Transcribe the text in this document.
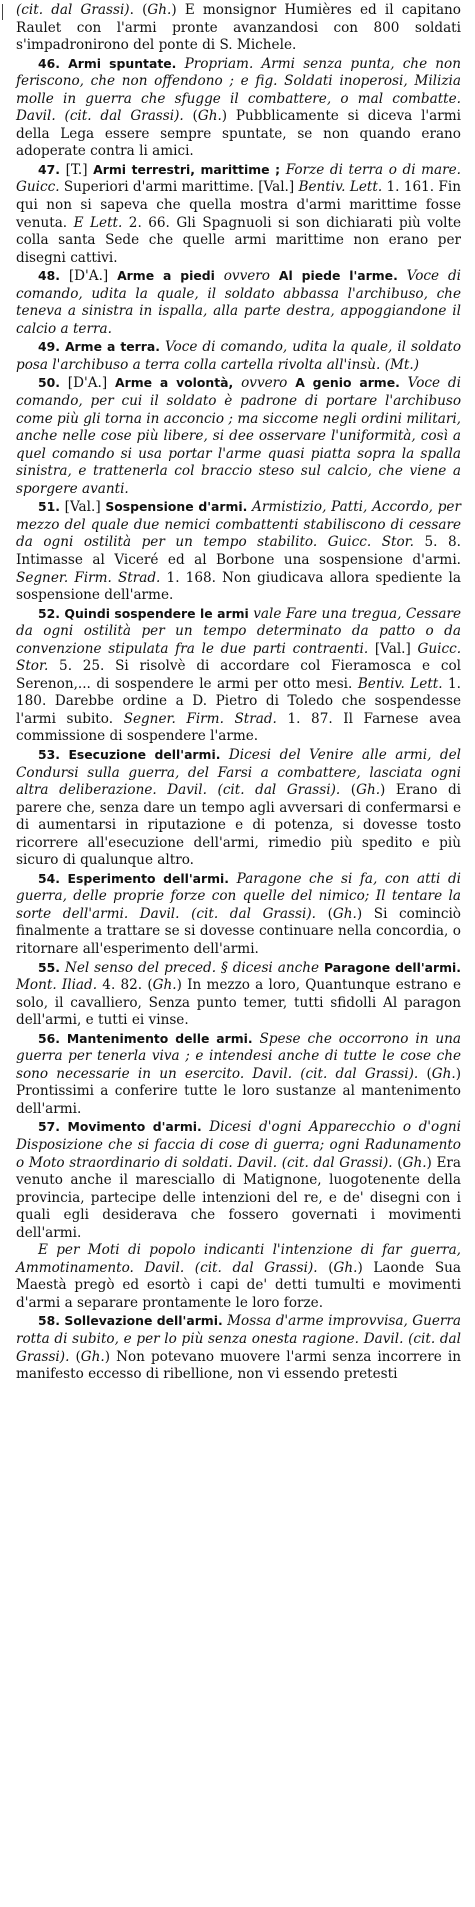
(cit. dal Grassi). (Gh.) E monsignor Humières ed il capitano Raulet con l'armi pronte avanzandosi con 800 soldati s'impadronirono del ponte di S. Michele.

46. Armi spuntate. Propriam. Armi senza punta, che non feriscono, che non offendono ; e fig. Soldati inoperosi, Milizia molle in guerra che sfugge il combattere, o mal combatte. Davil. (cit. dal Grassi). (Gh.) Pubblicamente si diceva l'armi della Lega essere sempre spuntate, se non quando erano adoperate contra li amici.

47. [T.] Armi terrestri, marittime ; Forze di terra o di mare. Guicc. Superiori d'armi marittime. [Val.] Bentiv. Lett. 1. 161. Fin qui non si sapeva che quella mostra d'armi marittime fosse venuta. E Lett. 2. 66. Gli Spagnuoli si son dichiarati più volte colla santa Sede che quelle armi marittime non erano per disegni cattivi.

48. [D'A.] Arme a piedi ovvero Al piede l'arme. Voce di comando, udita la quale, il soldato abbassa l'archibuso, che teneva a sinistra in ispalla, alla parte destra, appoggiandone il calcio a terra.

49. Arme a terra. Voce di comando, udita la quale, il soldato posa l'archibuso a terra colla cartella rivolta all'insù. (Mt.)

50. [D'A.] Arme a volontà, ovvero A genio arme. Voce di comando, per cui il soldato è padrone di portare l'archibuso come più gli torna in acconcio ; ma siccome negli ordini militari, anche nelle cose più libere, si dee osservare l'uniformità, così a quel comando si usa portar l'arme quasi piatta sopra la spalla sinistra, e trattenerla col braccio steso sul calcio, che viene a sporgere avanti.

51. [Val.] Sospensione d'armi. Armistizio, Patti, Accordo, per mezzo del quale due nemici combattenti stabiliscono di cessare da ogni ostilità per un tempo stabilito. Guicc. Stor. 5. 8. Intimasse al Viceré ed al Borbone una sospensione d'armi. Segner. Firm. Strad. 1. 168. Non giudicava allora spediente la sospensione dell'arme.

52. Quindi sospendere le armi vale Fare una tregua, Cessare da ogni ostilità per un tempo determinato da patto o da convenzione stipulata fra le due parti contraenti. [Val.] Guicc. Stor. 5. 25. Si risolvè di accordare col Fieramosca e col Serenon,... di sospendere le armi per otto mesi. Bentiv. Lett. 1. 180. Darebbe ordine a D. Pietro di Toledo che sospendesse l'armi subito. Segner. Firm. Strad. 1. 87. Il Farnese avea commissione di sospendere l'arme.

53. Esecuzione dell'armi. Dicesi del Venire alle armi, del Condursi sulla guerra, del Farsi a combattere, lasciata ogni altra deliberazione. Davil. (cit. dal Grassi). (Gh.) Erano di parere che, senza dare un tempo agli avversari di confermarsi e di aumentarsi in riputazione e di potenza, si dovesse tosto ricorrere all'esecuzione dell'armi, rimedio più spedito e più sicuro di qualunque altro.

54. Esperimento dell'armi. Paragone che si fa, con atti di guerra, delle proprie forze con quelle del nimico; Il tentare la sorte dell'armi. Davil. (cit. dal Grassi). (Gh.) Si cominciò finalmente a trattare se si dovesse continuare nella concordia, o ritornare all'esperimento dell'armi.

55. Nel senso del preced. § dicesi anche Paragone dell'armi. Mont. Iliad. 4. 82. (Gh.) In mezzo a loro, Quantunque estrano e solo, il cavalliero, Senza punto temer, tutti sfidolli Al paragon dell'armi, e tutti ei vinse.

56. Mantenimento delle armi. Spese che occorrono in una guerra per tenerla viva ; e intendesi anche di tutte le cose che sono necessarie in un esercito. Davil. (cit. dal Grassi). (Gh.) Prontissimi a conferire tutte le loro sustanze al mantenimento dell'armi.

57. Movimento d'armi. Dicesi d'ogni Apparecchio o d'ogni Disposizione che si faccia di cose di guerra; ogni Radunamento o Moto straordinario di soldati. Davil. (cit. dal Grassi). (Gh.) Era venuto anche il maresciallo di Matignone, luogotenente della provincia, partecipe delle intenzioni del re, e de' disegni con i quali egli desiderava che fossero governati i movimenti dell'armi.
E per Moti di popolo indicanti l'intenzione di far guerra, Ammotinamento. Davil. (cit. dal Grassi). (Gh.) Laonde Sua Maestà pregò ed esortò i capi de' detti tumulti e movimenti d'armi a separare prontamente le loro forze.

58. Sollevazione dell'armi. Mossa d'arme improvvisa, Guerra rotta di subito, e per lo più senza onesta ragione. Davil. (cit. dal Grassi). (Gh.) Non potevano muovere l'armi senza incorrere in manifesto eccesso di ribellione, non vi essendo pretesti
